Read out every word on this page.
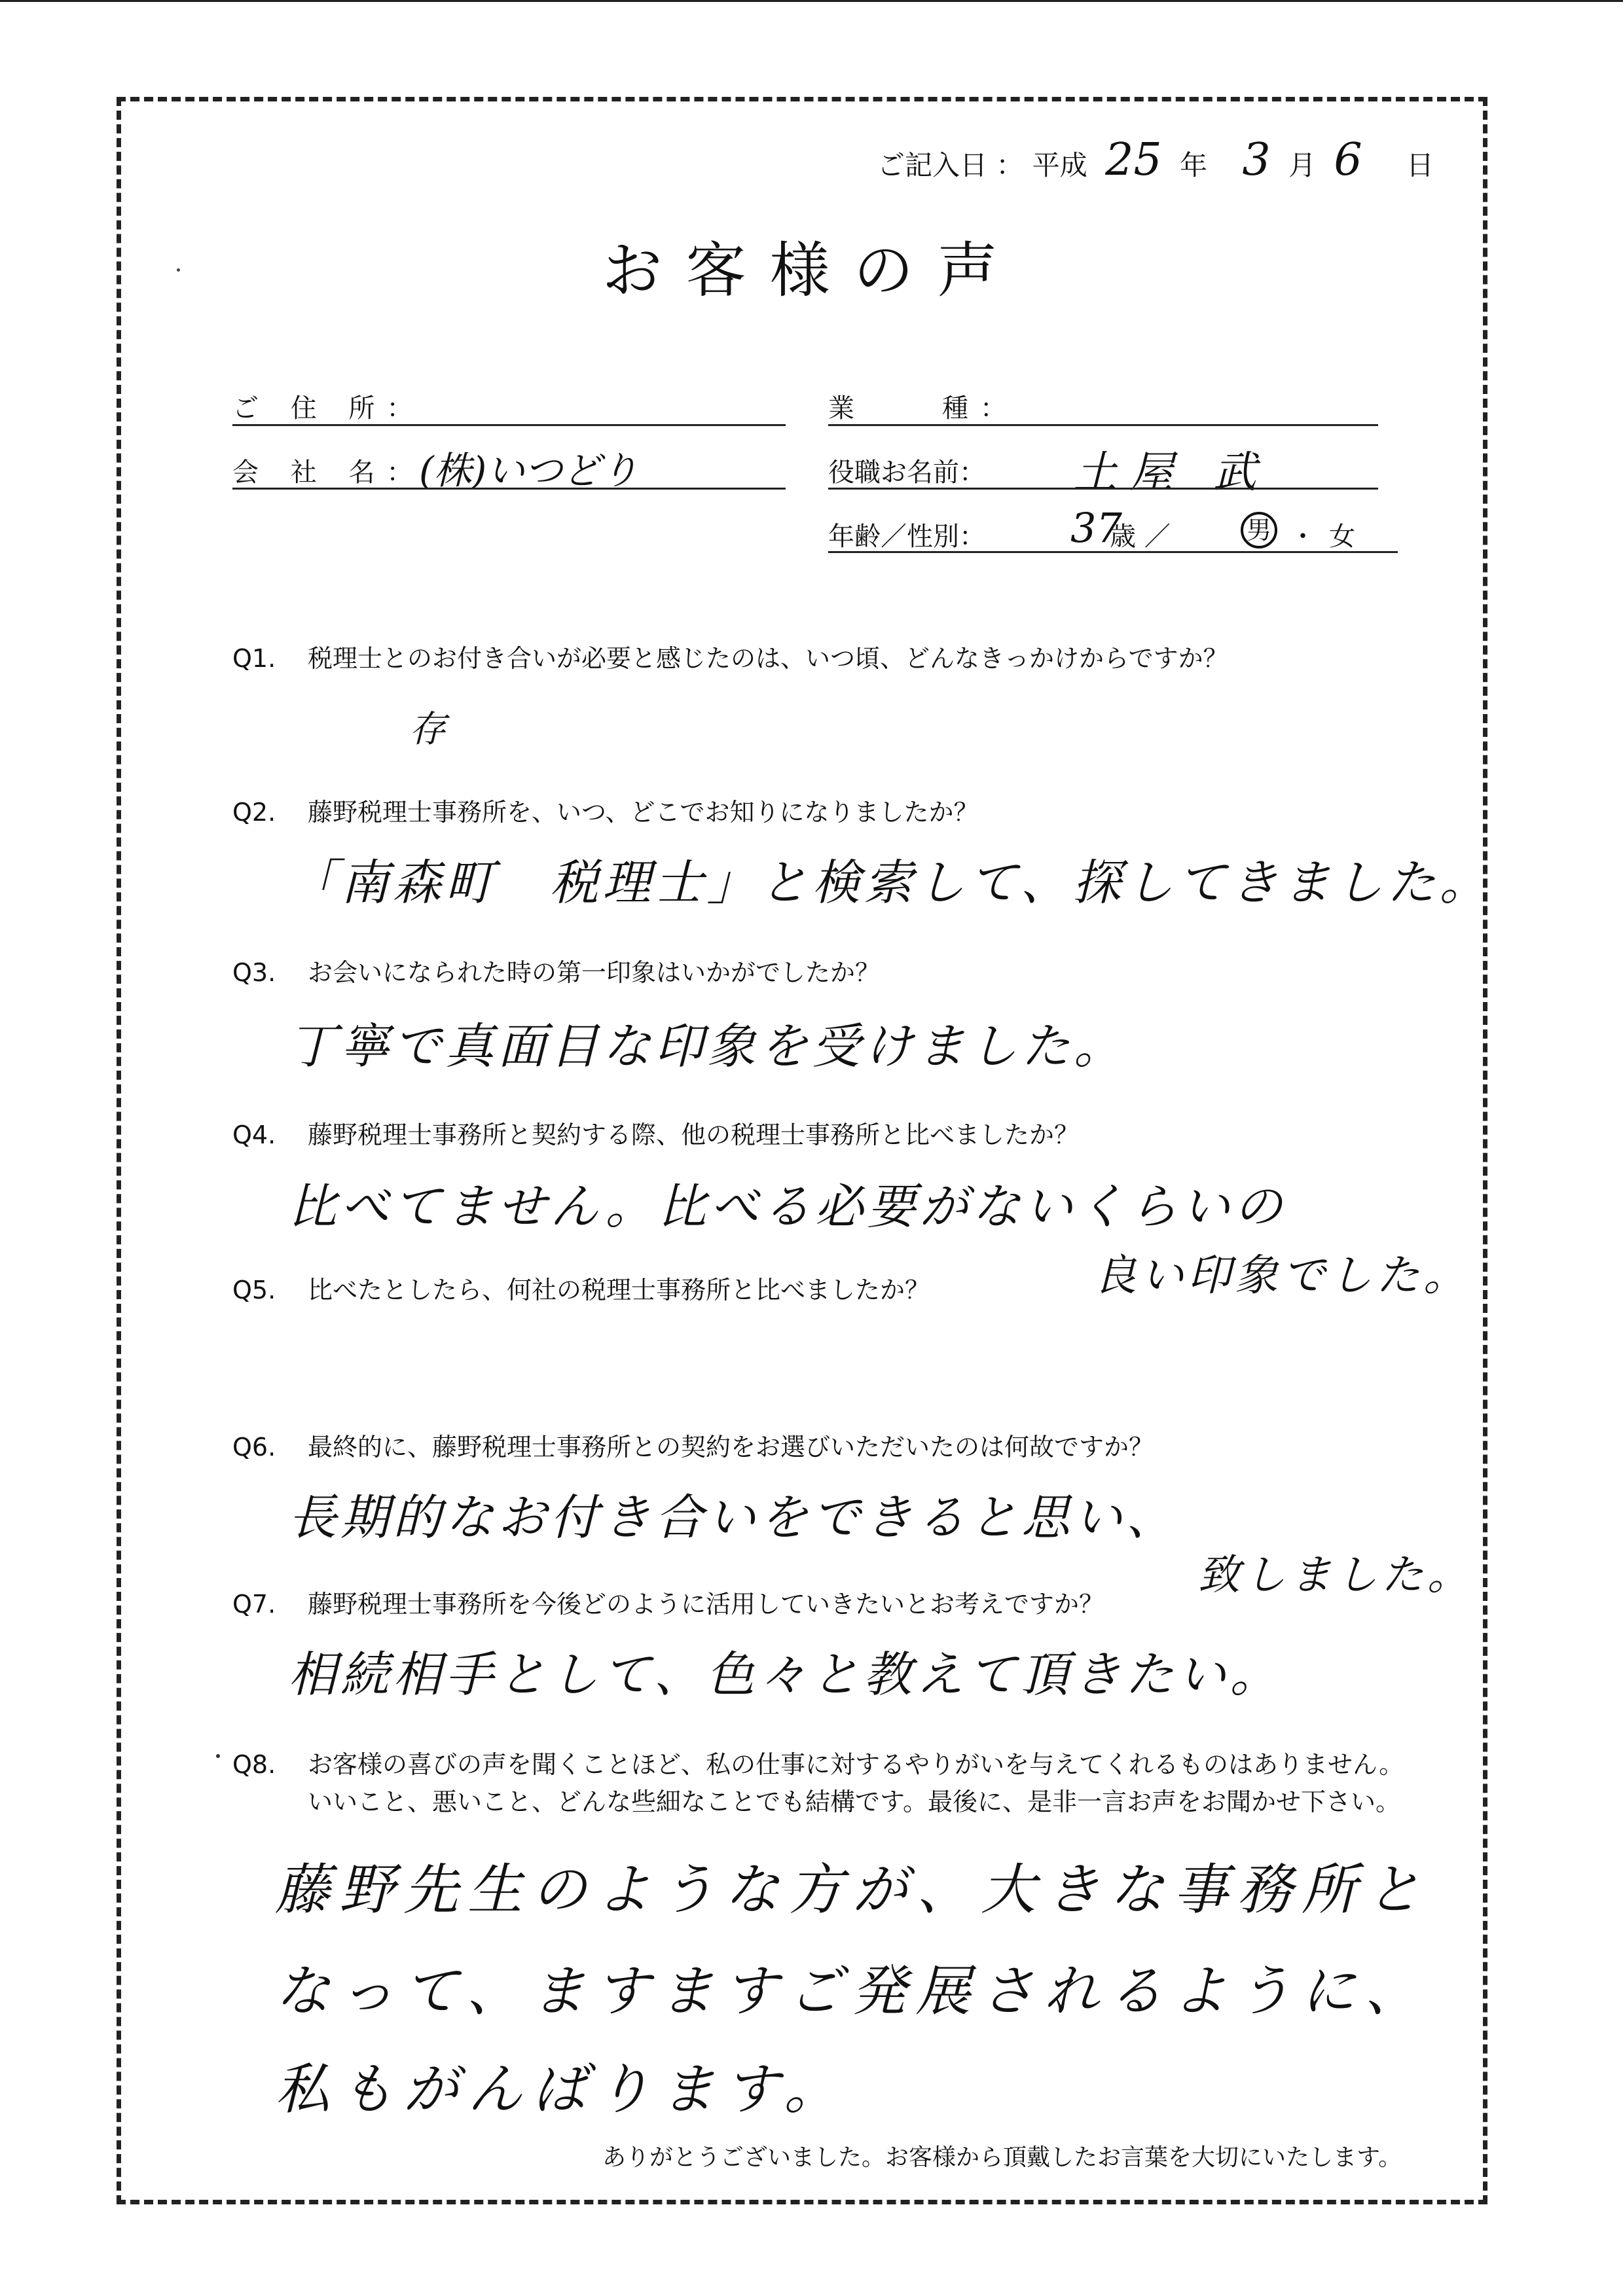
ご記入日 ： 平成 25 年 3 月 6 日
お客様の声
ご 住 所：
会 社 名：
(株)いつどり
業　　種：
役職お名前： 土屋 武
年齢／性別： 37
歳 ／	男 ・ 女
Q1. 税理士とのお付き合いが必要と感じたのは、いつ頃、どんなきっかけからですか？
存
Q2. 藤野税理士事務所を、いつ、どこでお知りになりましたか？
「南森町　税理士」と検索して、探してきました。
Q3. お会いになられた時の第一印象はいかがでしたか？
丁寧で真面目な印象を受けました。
Q4. 藤野税理士事務所と契約する際、他の税理士事務所と比べましたか？
比べてません。比べる必要がないくらいの
Q5. 比べたとしたら、何社の税理士事務所と比べましたか？	良い印象でした。
Q6. 最終的に、藤野税理士事務所との契約をお選びいただいたのは何故ですか？
長期的なお付き合いをできると思い、
致しました。
Q7. 藤野税理士事務所を今後どのように活用していきたいとお考えですか？
相続相手として、色々と教えて頂きたい。
Q8. お客様の喜びの声を聞くことほど、私の仕事に対するやりがいを与えてくれるものはありません。
いいこと、悪いこと、どんな些細なことでも結構です。最後に、是非一言お声をお聞かせ下さい。
藤野先生のような方が、大きな事務所と
なって、ますますご発展されるように、
私もがんばります。
ありがとうございました。お客様から頂戴したお言葉を大切にいたします。
